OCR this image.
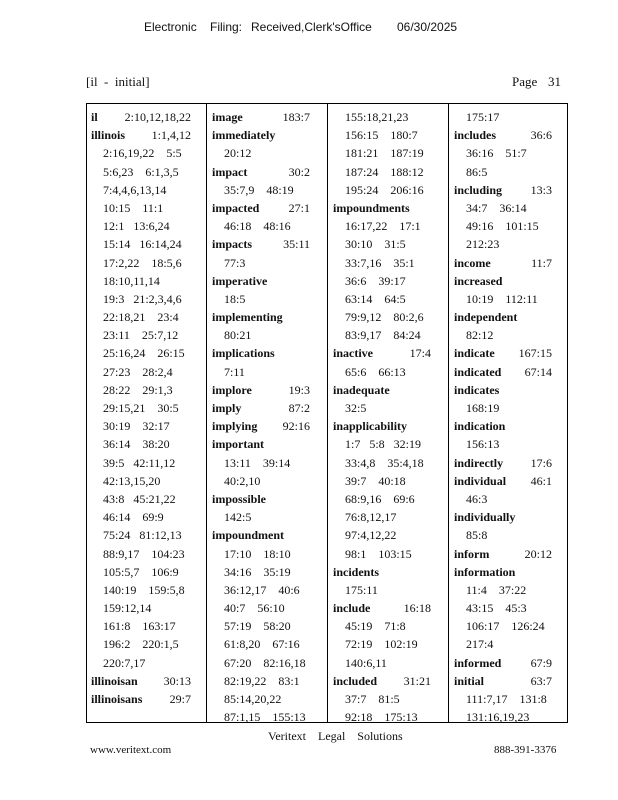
Electronic Filing: Received,Clerk'sOffice 06/30/2025
[il  -  initial]	Page 31
il 2:10,12,18,22
illinois 1:1,4,12
2:16,19,22    5:5
5:6,23    6:1,3,5
7:4,4,6,13,14
10:15    11:1
12:1   13:6,24
15:14   16:14,24
17:2,22    18:5,6
18:10,11,14
19:3   21:2,3,4,6
22:18,21    23:4
23:11    25:7,12
25:16,24    26:15
27:23    28:2,4
28:22    29:1,3
29:15,21    30:5
30:19    32:17
36:14    38:20
39:5   42:11,12
42:13,15,20
43:8   45:21,22
46:14    69:9
75:24   81:12,13
88:9,17    104:23
105:5,7    106:9
140:19    159:5,8
159:12,14
161:8    163:17
196:2    220:1,5
220:7,17
illinoisan 30:13
illinoisans 29:7
image	183:7
immediately
20:12
impact	30:2
35:7,9    48:19
impacted 27:1
46:18    48:16
impacts	35:11
77:3
imperative
18:5
implementing
80:21
implications
7:11
implore	19:3
imply	87:2
implying 92:16
important
13:11    39:14
40:2,10
impossible
142:5
impoundment
17:10    18:10
34:16    35:19
36:12,17    40:6
40:7    56:10
57:19    58:20
61:8,20    67:16
67:20    82:16,18
82:19,22    83:1
85:14,20,22
87:1,15    155:13
155:18,21,23
156:15    180:7
181:21    187:19
187:24    188:12
195:24    206:16
impoundments
16:17,22    17:1
30:10    31:5
33:7,16    35:1
36:6    39:17
63:14    64:5
79:9,12    80:2,6
83:9,17    84:24
inactive	17:4
65:6    66:13
inadequate
32:5
inapplicability
1:7   5:8   32:19
33:4,8    35:4,18
39:7    40:18
68:9,16    69:6
76:8,12,17
97:4,12,22
98:1    103:15
incidents
175:11
include	16:18
45:19    71:8
72:19    102:19
140:6,11
included 31:21
37:7    81:5
92:18    175:13
175:17
includes	36:6
36:16    51:7
86:5
including 13:3
34:7    36:14
49:16    101:15
212:23
income	11:7
increased
10:19    112:11
independent
82:12
indicate 167:15
indicated 67:14
indicates
168:19
indication
156:13
indirectly 17:6
individual 46:1
46:3
individually
85:8
inform	20:12
information
11:4    37:22
43:15    45:3
106:17    126:24
217:4
informed 67:9
initial	63:7
111:7,17    131:8
131:16,19,23
Veritext    Legal    Solutions
www.veritext.com	888-391-3376
